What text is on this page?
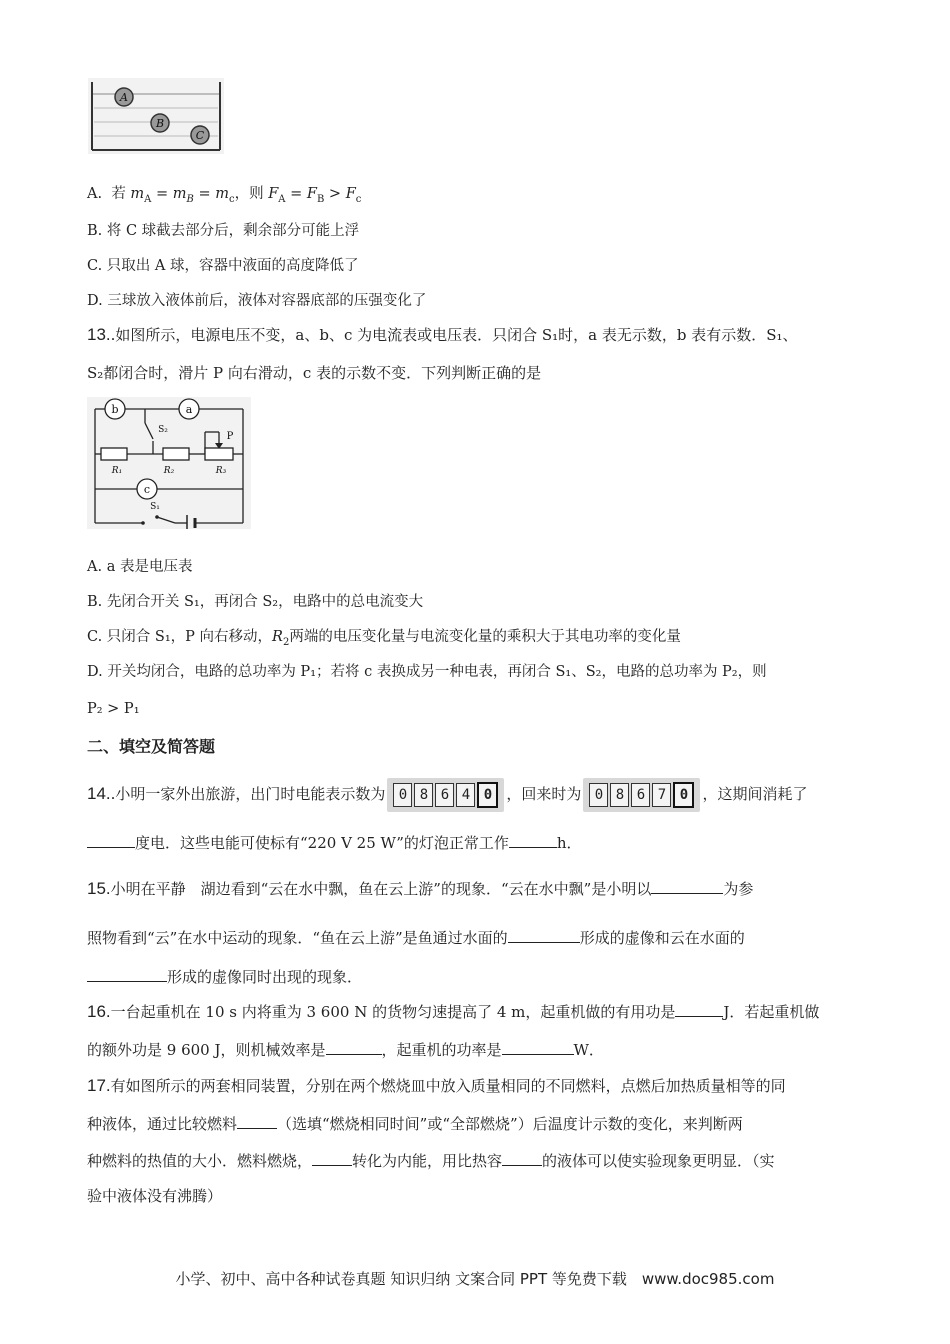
A
B
C
A. 若 $m_A = m_B = m_c$，则 $F_A = F_B > F_c$
B. 将 C 球截去部分后，剩余部分可能上浮
C. 只取出 A 球，容器中液面的高度降低了
D. 三球放入液体前后，液体对容器底部的压强变化了
13..如图所示，电源电压不变，a、b、c 为电流表或电压表．只闭合 S₁时，a 表无示数，b 表有示数．S₁、
S₂都闭合时，滑片 P 向右滑动，c 表的示数不变．下列判断正确的是
b	a
S₂
P
R₁	R₂	R₃
c
S₁
A. a 表是电压表
B. 先闭合开关 S₁，再闭合 S₂，电路中的总电流变大
C. 只闭合 S₁，P 向右移动，$R_2$两端的电压变化量与电流变化量的乘积大于其电功率的变化量
D. 开关均闭合，电路的总功率为 P₁；若将 c 表换成另一种电表，再闭合 S₁、S₂，电路的总功率为 P₂，则
P₂ > P₁
二、填空及简答题
14..小明一家外出旅游，出门时电能表示数为 0 8 6 4 0 ，回来时为 0 8 6 7 0 ，这期间消耗了
度电．这些电能可使标有“220 V 25 W”的灯泡正常工作	h．
15.小明在平静　湖边看到“云在水中飘，鱼在云上游”的现象．“云在水中飘”是小明以	为参
照物看到“云”在水中运动的现象．“鱼在云上游”是鱼通过水面的	形成的虚像和云在水面的
形成的虚像同时出现的现象．
16.一台起重机在 10 s 内将重为 3 600 N 的货物匀速提高了 4 m，起重机做的有用功是	J．若起重机做
的额外功是 9 600 J，则机械效率是	，起重机的功率是	W．
17.有如图所示的两套相同装置，分别在两个燃烧皿中放入质量相同的不同燃料，点燃后加热质量相等的同
种液体，通过比较燃料	（选填“燃烧相同时间”或“全部燃烧”）后温度计示数的变化，来判断两
种燃料的热值的大小．燃料燃烧，	转化为内能，用比热容	的液体可以使实验现象更明显．（实
验中液体没有沸腾）
小学、初中、高中各种试卷真题 知识归纳 文案合同 PPT 等免费下载　www.doc985.com
